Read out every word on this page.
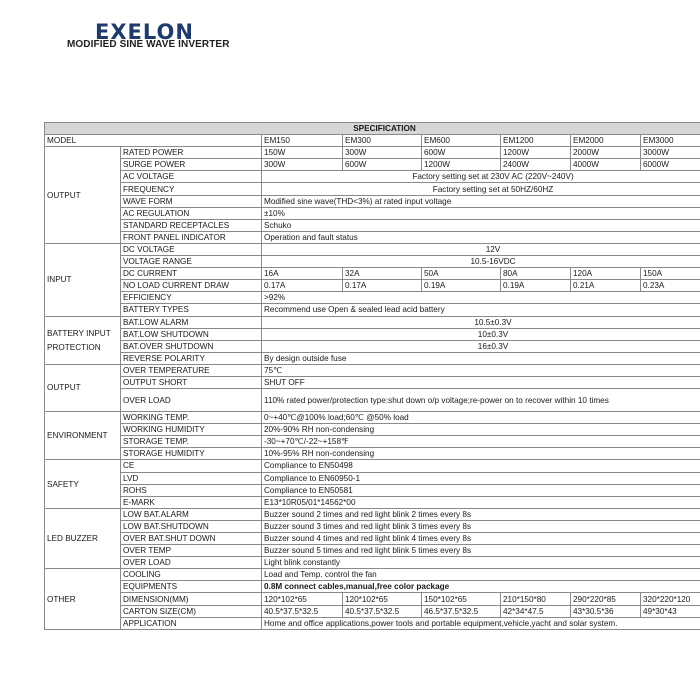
EXELON
MODIFIED SINE WAVE INVERTER
SPECIFICATION							
MODEL		EM150	EM300	EM600	EM1200	EM2000	EM3000
OUTPUT	RATED POWER	150W	300W	600W	1200W	2000W	3000W
	SURGE POWER	300W	600W	1200W	2400W	4000W	6000W
	AC VOLTAGE	Factory setting set at 230V AC (220V~240V)					
	FREQUENCY	Factory setting set at 50HZ/60HZ					
	WAVE FORM	Modified sine wave(THD<3%) at rated input voltage					
	AC REGULATION	±10%					
	STANDARD RECEPTACLES	Schuko					
	FRONT PANEL INDICATOR	Operation and fault status					
INPUT	DC VOLTAGE	12V					
	VOLTAGE RANGE	10.5-16VDC					
	DC CURRENT	16A	32A	50A	80A	120A	150A
	NO LOAD CURRENT DRAW	0.17A	0.17A	0.19A	0.19A	0.21A	0.23A
	EFFICIENCY	>92%					
	BATTERY TYPES	Recommend use Open & sealed lead acid battery					

BATTERY INPUT
PROTECTION	BAT.LOW ALARM	10.5±0.3V					
	BAT.LOW SHUTDOWN	10±0.3V					
	BAT.OVER SHUTDOWN	16±0.3V					
	REVERSE POLARITY	By design outside fuse					
OUTPUT	OVER TEMPERATURE	75℃					
	OUTPUT SHORT	SHUT OFF					
	OVER LOAD	110% rated power/protection type:shut down o/p voltage;re-power on to recover within 10 times					
ENVIRONMENT	WORKING TEMP.	0~+40℃@100% load;60℃ @50% load					
	WORKING HUMIDITY	20%-90% RH non-condensing					
	STORAGE TEMP.	-30~+70℃/-22~+158℉					
	STORAGE HUMIDITY	10%-95% RH non-condensing					
SAFETY	CE	Compliance to EN50498					
	LVD	Compliance to EN60950-1					
	ROHS	Compliance to EN50581					
	E-MARK	E13*10R05/01*14562*00					
LED BUZZER	LOW BAT.ALARM	Buzzer sound 2 times and red light blink 2 times every 8s					
	LOW BAT.SHUTDOWN	Buzzer sound 3 times and red light blink 3 times every 8s					
	OVER BAT.SHUT DOWN	Buzzer sound 4 times and red light blink 4 times every 8s					
	OVER TEMP	Buzzer sound 5 times and red light blink 5 times every 8s					
	OVER LOAD	Light blink constantly					
OTHER	COOLING	Load and Temp. control the fan					
	EQUIPMENTS	0.8M connect cables,manual,free color package					
	DIMENSION(MM)	120*102*65	120*102*65	150*102*65	210*150*80	290*220*85	320*220*120
	CARTON SIZE(CM)	40.5*37.5*32.5	40.5*37.5*32.5	46.5*37.5*32.5	42*34*47.5	43*30.5*36	49*30*43
	APPLICATION	Home and office applications,power tools and portable equipment,vehicle,yacht and solar system.					
